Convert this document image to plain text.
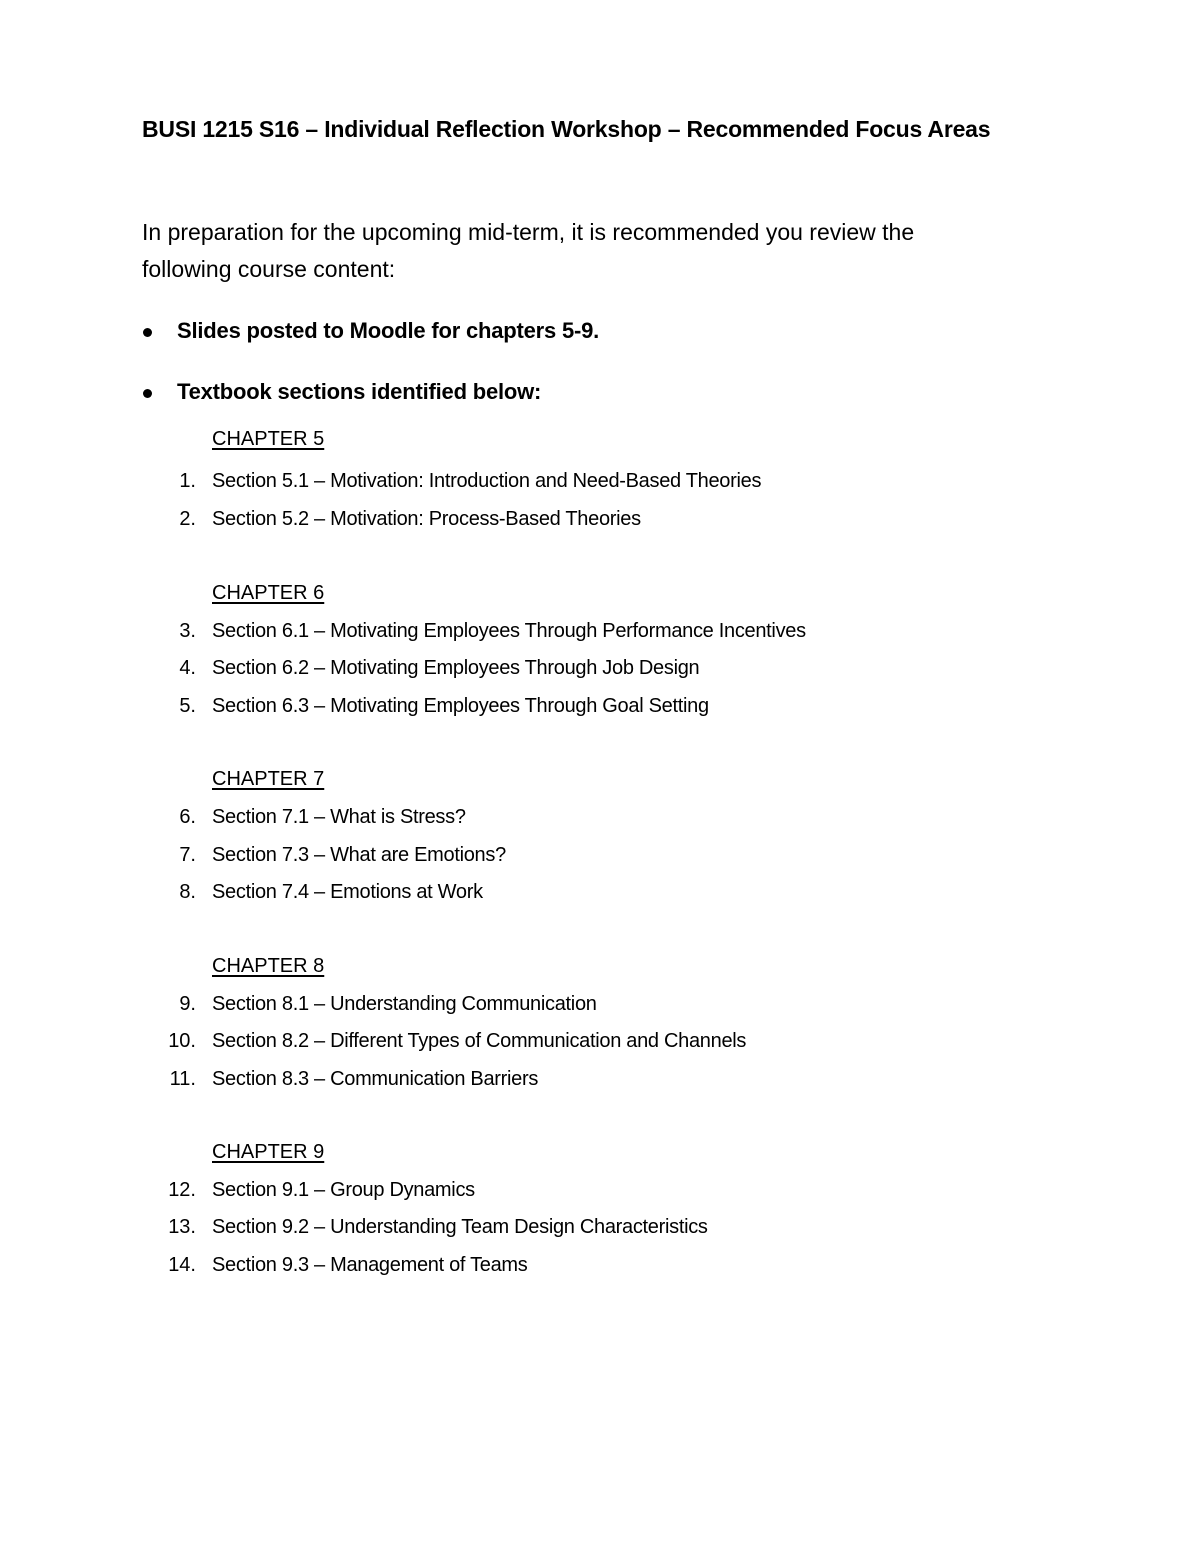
BUSI 1215 S16 – Individual Reflection Workshop – Recommended Focus Areas
In preparation for the upcoming mid-term, it is recommended you review the
following course content:
Slides posted to Moodle for chapters 5-9.
Textbook sections identified below:
CHAPTER 5
1. Section 5.1 – Motivation: Introduction and Need-Based Theories
2. Section 5.2 – Motivation: Process-Based Theories
CHAPTER 6
3. Section 6.1 – Motivating Employees Through Performance Incentives
4. Section 6.2 – Motivating Employees Through Job Design
5. Section 6.3 – Motivating Employees Through Goal Setting
CHAPTER 7
6. Section 7.1 – What is Stress?
7. Section 7.3 – What are Emotions?
8. Section 7.4 – Emotions at Work
CHAPTER 8
9. Section 8.1 – Understanding Communication
10. Section 8.2 – Different Types of Communication and Channels
11. Section 8.3 – Communication Barriers
CHAPTER 9
12. Section 9.1 – Group Dynamics
13. Section 9.2 – Understanding Team Design Characteristics
14. Section 9.3 – Management of Teams
